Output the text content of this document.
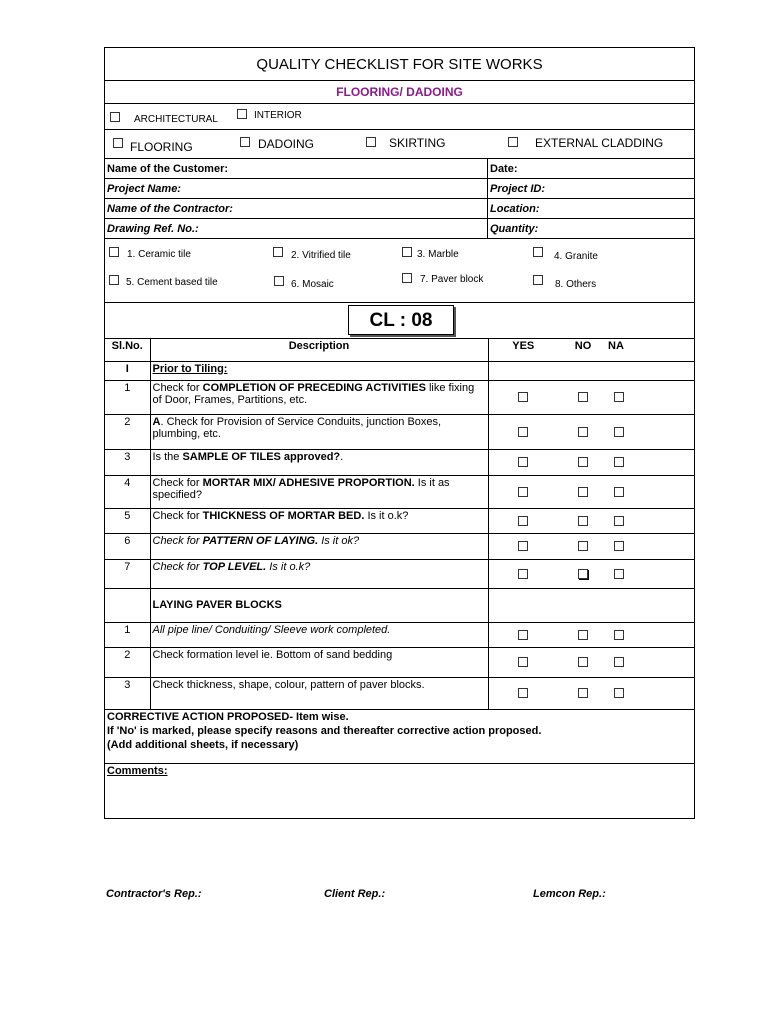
QUALITY CHECKLIST FOR SITE WORKS
FLOORING/ DADOING
ARCHITECTURAL	INTERIOR
FLOORING	DADOING	SKIRTING	EXTERNAL CLADDING
Name of the Customer:	Date:
Project Name:	Project ID:
Name of the Contractor:	Location:
Drawing Ref. No.:	Quantity:
1. Ceramic tile	2. Vitrified tile	3. Marble	4. Granite
5. Cement based tile	6. Mosaic	7. Paver block	8. Others
CL : 08
Sl.No.	Description	YES	NO	NA
I	Prior to Tiling:			
1	Check for COMPLETION OF PRECEDING ACTIVITIES like fixing of Door, Frames, Partitions, etc.			
2	A. Check for Provision of Service Conduits, junction Boxes, plumbing, etc.			
3	Is the SAMPLE OF TILES approved?.			
4	Check for MORTAR MIX/ ADHESIVE PROPORTION. Is it as specified?			
5	Check for THICKNESS OF MORTAR BED. Is it o.k?			
6	Check for PATTERN OF LAYING. Is it ok?			
7	Check for TOP LEVEL. Is it o.k?			
	LAYING PAVER BLOCKS			
1	All pipe line/ Conduiting/ Sleeve work completed.			
2	Check formation level ie. Bottom of sand bedding			
3	Check thickness, shape, colour, pattern of paver blocks.			
CORRECTIVE ACTION PROPOSED- Item wise.
If 'No' is marked, please specify reasons and thereafter corrective action proposed.
(Add additional sheets, if necessary)
Comments:
Contractor's Rep.:	Client Rep.:	Lemcon Rep.:
